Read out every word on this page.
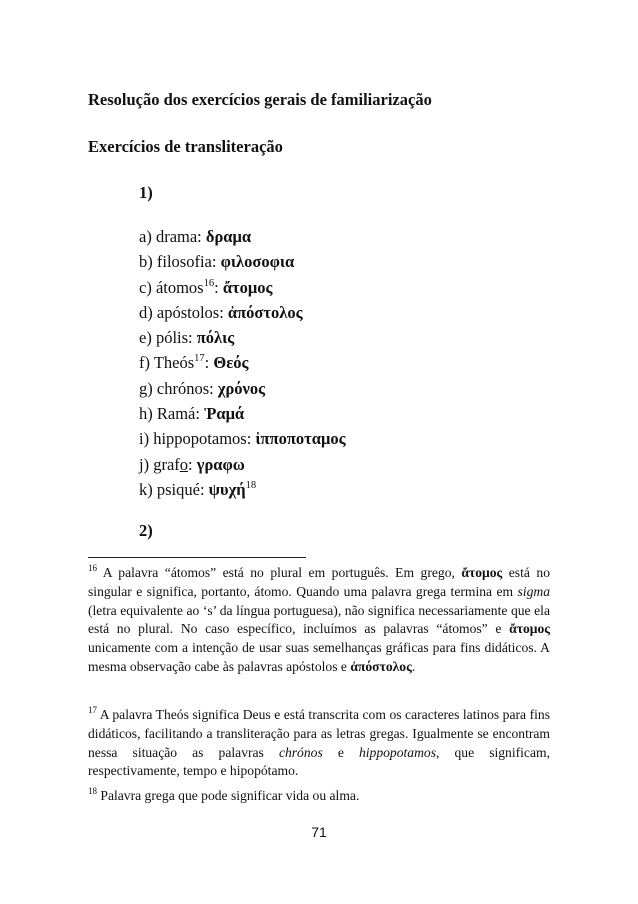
Resolução dos exercícios gerais de familiarização
Exercícios de transliteração
1)
a) drama: δραμα
b) filosofia: φιλοσοφια
c) átomos$^{16}$: ἄτομος
d) apóstolos: ἀπόστολος
e) pólis: πόλις
f) Theós$^{17}$: Θεός
g) chrónos: χρόνος
h) Ramá: Ῥαμά
i) hippopotamos: ἱπποποταμος
j) grafo: γραφω
k) psiqué: ψυχή$^{18}$
2)

$^{16}$ A palavra “átomos” está no plural em português. Em grego, ἄτομος está no singular e significa, portanto, átomo. Quando uma palavra grega termina em sigma (letra equivalente ao ‘s’ da língua portuguesa), não significa necessariamente que ela está no plural. No caso específico, incluímos as palavras “átomos” e ἄτομος unicamente com a intenção de usar suas semelhanças gráficas para fins didáticos. A mesma observação cabe às palavras apóstolos e ἀπόστολος.

$^{17}$ A palavra Theós significa Deus e está transcrita com os caracteres latinos para fins didáticos, facilitando a transliteração para as letras gregas. Igualmente se encontram nessa situação as palavras chrónos e hippopotamos, que significam, respectivamente, tempo e hipopótamo.

$^{18}$ Palavra grega que pode significar vida ou alma.

71
